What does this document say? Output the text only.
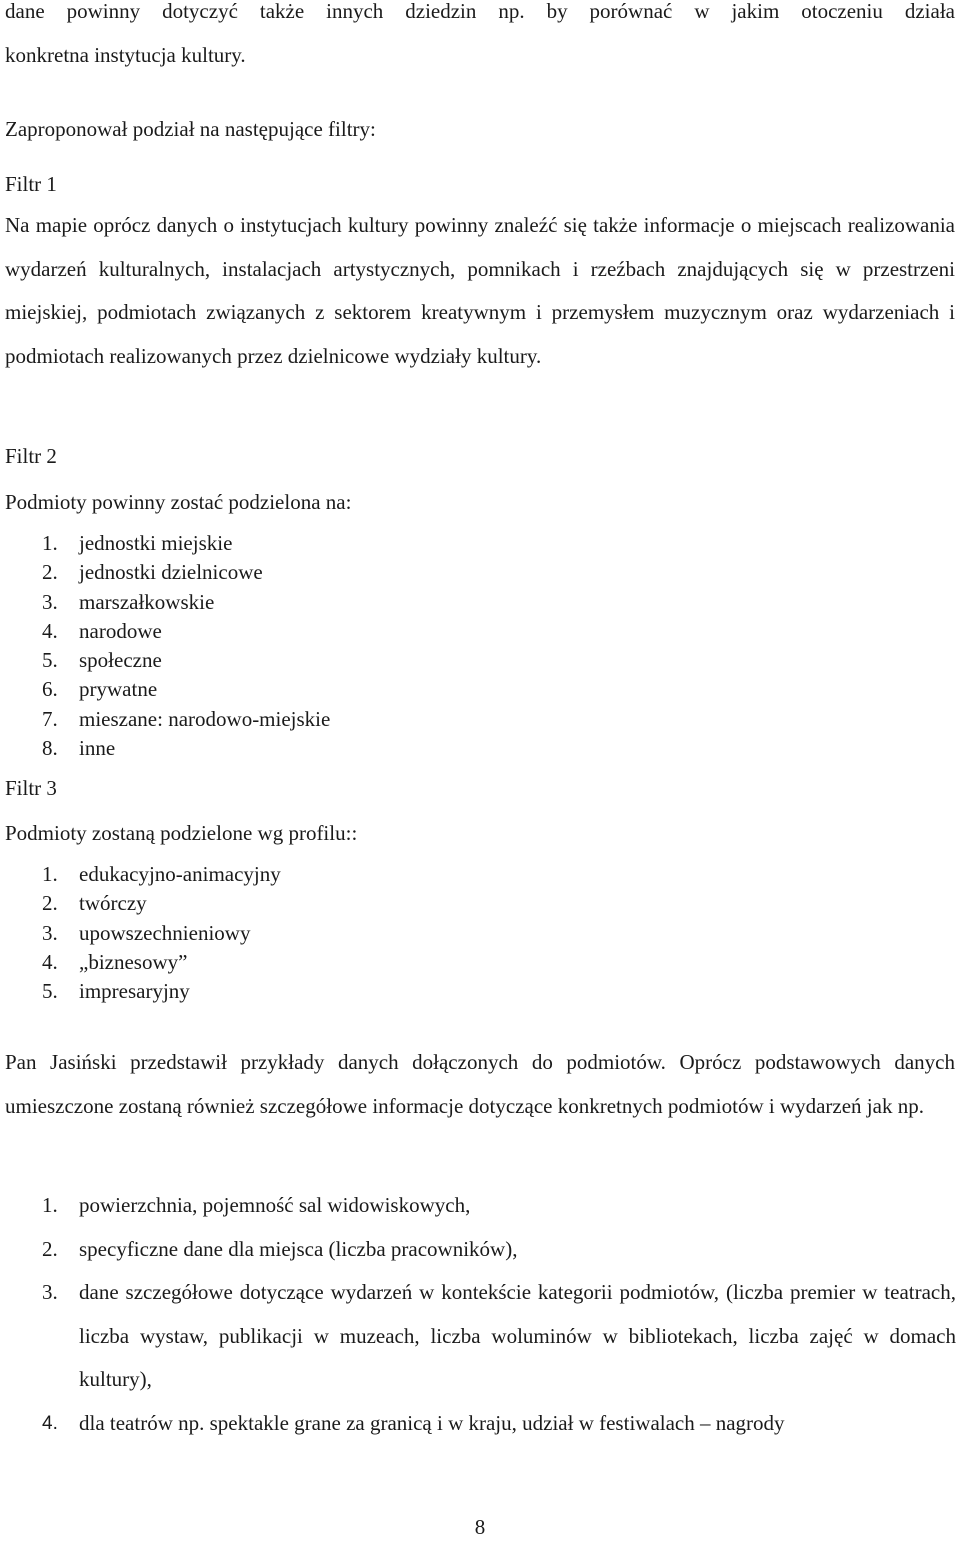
dane powinny dotyczyć także innych dziedzin np. by porównać w jakim otoczeniu działa

konkretna instytucja kultury.

Zaproponował podział na następujące filtry:

Filtr 1

Na mapie oprócz danych o instytucjach kultury powinny znaleźć się także informacje o miejscach realizowania wydarzeń kulturalnych, instalacjach artystycznych, pomnikach i rzeźbach znajdujących się w przestrzeni miejskiej, podmiotach związanych z sektorem kreatywnym i przemysłem muzycznym oraz wydarzeniach i podmiotach realizowanych przez dzielnicowe wydziały kultury.

Filtr 2

Podmioty powinny zostać podzielona na:

1.	jednostki miejskie
2.	jednostki dzielnicowe
3.	marszałkowskie
4.	narodowe
5.	społeczne
6.	prywatne
7.	mieszane: narodowo-miejskie
8.	inne

Filtr 3

Podmioty zostaną podzielone wg profilu::

1.	edukacyjno-animacyjny
2.	twórczy
3.	upowszechnieniowy
4.	„biznesowy”
5.	impresaryjny

Pan Jasiński przedstawił przykłady danych dołączonych do podmiotów. Oprócz podstawowych danych umieszczone zostaną również szczegółowe informacje dotyczące konkretnych podmiotów i wydarzeń jak np.

1.	powierzchnia, pojemność sal widowiskowych,
2.	specyficzne dane dla miejsca (liczba pracowników),
3.	dane szczegółowe dotyczące wydarzeń w kontekście kategorii podmiotów, (liczba premier w teatrach, liczba wystaw, publikacji w muzeach, liczba woluminów w bibliotekach, liczba zajęć w domach kultury),
4.	dla teatrów np. spektakle grane za granicą i w kraju, udział w festiwalach – nagrody
8
